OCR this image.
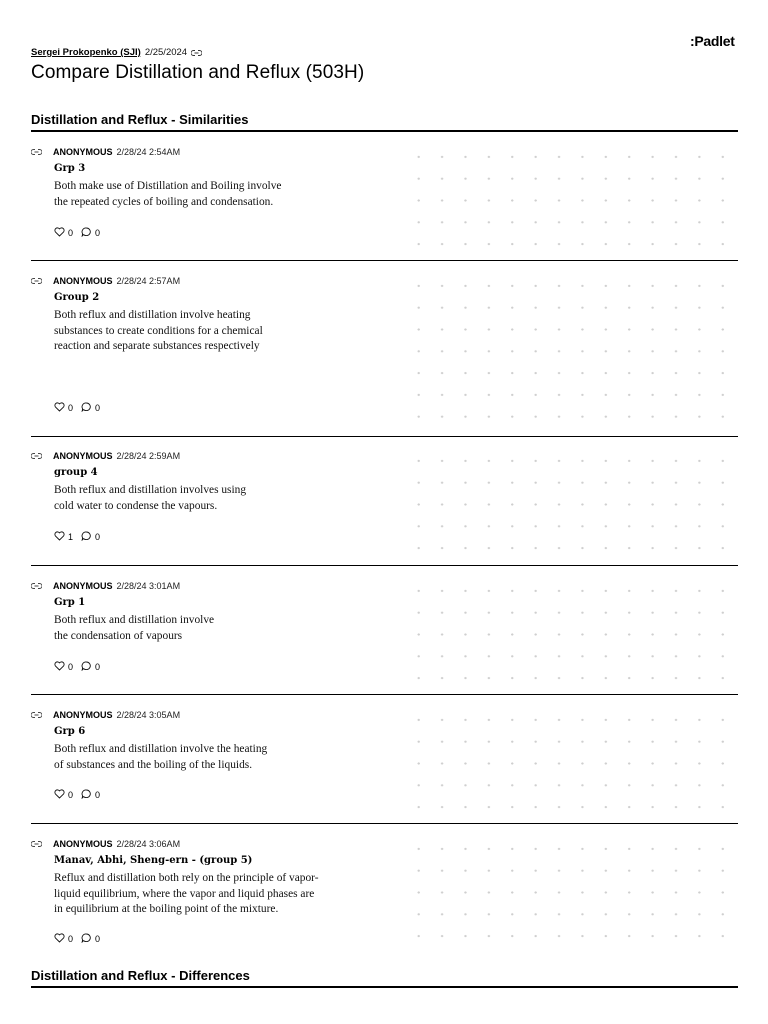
Sergei Prokopenko (SJI) 2/25/2024
:Padlet
Compare Distillation and Reflux (503H)
Distillation and Reflux - Similarities
ANONYMOUS 2/28/24 2:54AM
Grp 3
Both make use of Distillation and Boiling involve
the repeated cycles of boiling and condensation.
0 0
ANONYMOUS 2/28/24 2:57AM
Group 2
Both reflux and distillation involve heating
substances to create conditions for a chemical
reaction and separate substances respectively
0 0
ANONYMOUS 2/28/24 2:59AM
group 4
Both reflux and distillation involves using
cold water to condense the vapours.
1 0
ANONYMOUS 2/28/24 3:01AM
Grp 1
Both reflux and distillation involve
the condensation of vapours
0 0
ANONYMOUS 2/28/24 3:05AM
Grp 6
Both reflux and distillation involve the heating
of substances and the boiling of the liquids.
0 0
ANONYMOUS 2/28/24 3:06AM
Manav, Abhi, Sheng-ern - (group 5)
Reflux and distillation both rely on the principle of vapor-
liquid equilibrium, where the vapor and liquid phases are
in equilibrium at the boiling point of the mixture.
0 0
Distillation and Reflux - Differences
